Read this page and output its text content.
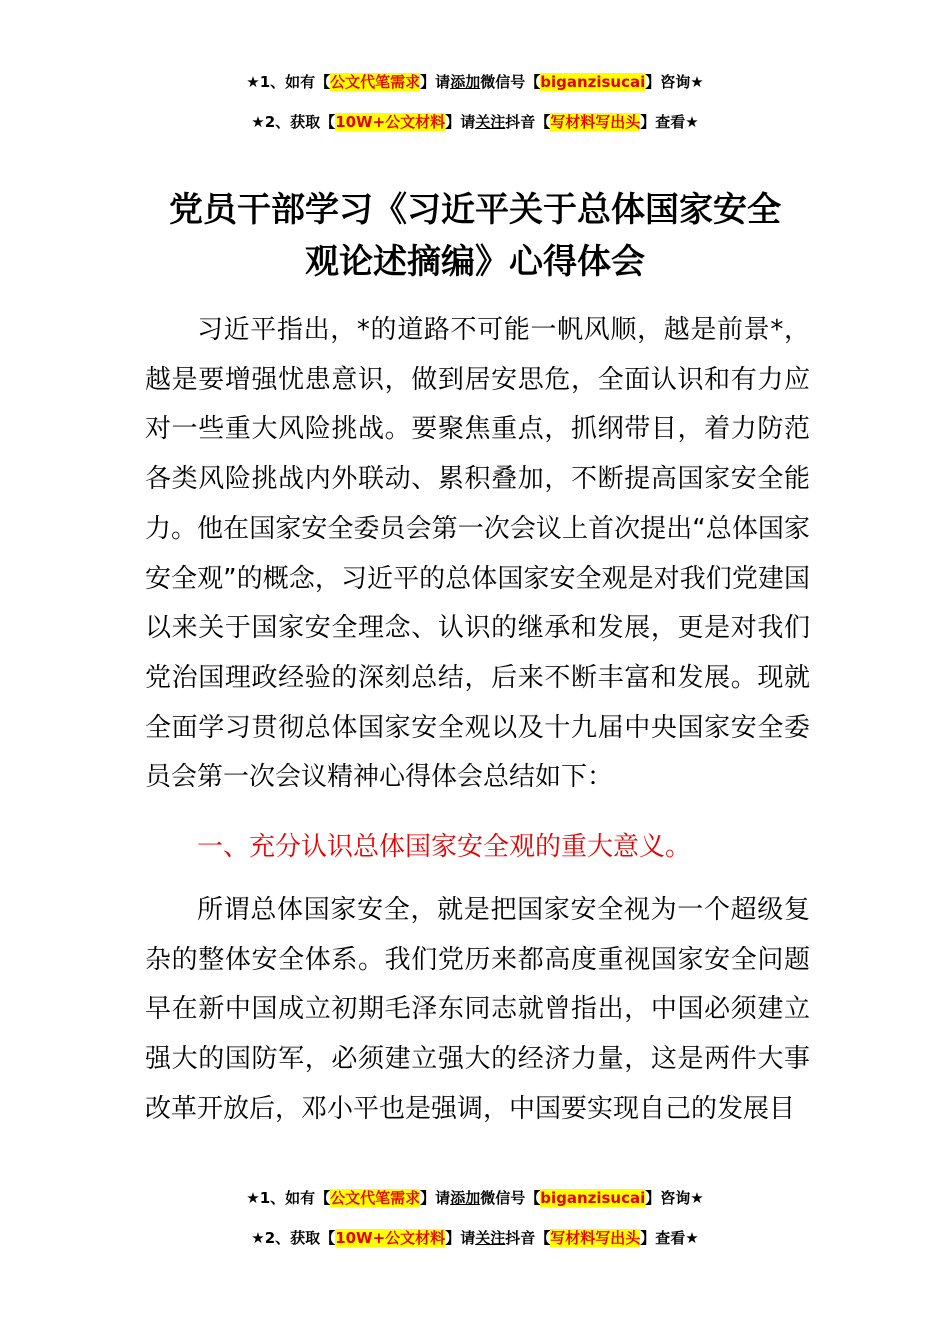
★1、如有【公文代笔需求】请添加微信号【biganzisucai】咨询★
★2、获取【10W+公文材料】请关注抖音【写材料写出头】查看★
党员干部学习《习近平关于总体国家安全
观论述摘编》心得体会

习近平指出，*的道路不可能一帆风顺，越是前景*，越是要增强忧患意识，做到居安思危，全面认识和有力应对一些重大风险挑战。要聚焦重点，抓纲带目，着力防范各类风险挑战内外联动、累积叠加，不断提高国家安全能力。他在国家安全委员会第一次会议上首次提出“总体国家安全观”的概念，习近平的总体国家安全观是对我们党建国以来关于国家安全理念、认识的继承和发展，更是对我们党治国理政经验的深刻总结，后来不断丰富和发展。现就全面学习贯彻总体国家安全观以及十九届中央国家安全委员会第一次会议精神心得体会总结如下：

一、充分认识总体国家安全观的重大意义。

所谓总体国家安全，就是把国家安全视为一个超级复杂的整体安全体系。我们党历来都高度重视国家安全问题早在新中国成立初期毛泽东同志就曾指出，中国必须建立强大的国防军，必须建立强大的经济力量，这是两件大事改革开放后，邓小平也是强调，中国要实现自己的发展目

★1、如有【公文代笔需求】请添加微信号【biganzisucai】咨询★
★2、获取【10W+公文材料】请关注抖音【写材料写出头】查看★
